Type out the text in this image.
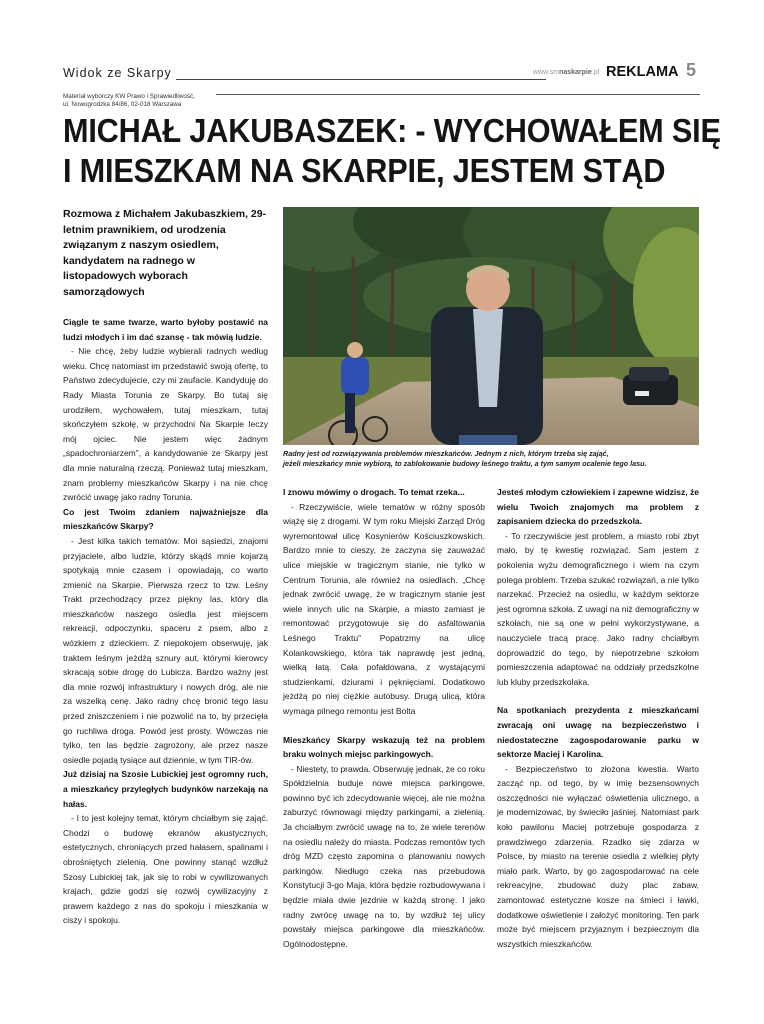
Widok ze Skarpy	www.smnaskarpie.pl REKLAMA 5
Materiał wyborczy KW Prawo i Sprawiedliwość,
ul. Nowogrodzka 84/86, 02-018 Warszawa
MICHAŁ JAKUBASZEK: - WYCHOWAŁEM SIĘ
I MIESZKAM NA SKARPIE, JESTEM STĄD
Rozmowa z Michałem Jakubaszkiem, 29-letnim prawnikiem, od urodzenia związanym z naszym osiedlem, kandydatem na radnego w listopadowych wyborach samorządowych
Radny jest od rozwiązywania problemów mieszkańców. Jednym z nich, którym trzeba się zająć,
jeżeli mieszkańcy mnie wybiorą, to zablokowanie budowy leśnego traktu, a tym samym ocalenie tego lasu.

Ciągle te same twarze, warto byłoby postawić na ludzi młodych i im dać szansę - tak mówią ludzie.

- Nie chcę, żeby ludzie wybierali radnych według wieku. Chcę natomiast im przedstawić swoją ofertę, to Państwo zdecydujecie, czy mi zaufacie. Kandyduję do Rady Miasta Torunia ze Skarpy. Bo tutaj się urodziłem, wychowałem, tutaj mieszkam, tutaj skończyłem szkołę, w przychodni Na Skarpie leczy mój ojciec. Nie jestem więc żadnym „spadochroniarzem”, a kandydowanie ze Skarpy jest dla mnie naturalną rzeczą. Ponieważ tutaj mieszkam, znam problemy mieszkańców Skarpy i na nie chcę zwrócić uwagę jako radny Torunia.

Co jest Twoim zdaniem najważniejsze dla mieszkańców Skarpy?

- Jest kilka takich tematów. Moi sąsiedzi, znajomi przyjaciele, albo ludzie, którzy skądś mnie kojarzą spotykają mnie czasem i opowiadają, co warto zmienić na Skarpie. Pierwsza rzecz to tzw. Leśny Trakt przechodzący przez piękny las, który dla mieszkańców naszego osiedla jest miejscem rekreacji, odpoczynku, spaceru z psem, albo z wózkiem z dzieckiem. Z niepokojem obserwuję, jak traktem leśnym jeżdżą sznury aut, którymi kierowcy skracają sobie drogę do Lubicza. Bardzo ważny jest dla mnie rozwój infrastruktury i nowych dróg, ale nie za wszelką cenę. Jako radny chcę bronić tego lasu przed zniszczeniem i nie pozwolić na to, by przecięła go ruchliwa droga. Powód jest prosty. Wówczas nie tylko, ten las będzie zagrożony, ale przez nasze osiedle pojadą tysiące aut dziennie, w tym TIR-ów.

Już dzisiaj na Szosie Lubickiej jest ogromny ruch, a mieszkańcy przyległych budynków narzekają na hałas.

- I to jest kolejny temat, którym chciałbym się zająć. Chodzi o budowę ekranów akustycznych, estetycznych, chroniących przed hałasem, spalinami i obrośniętych zielenią. One powinny stanąć wzdłuż Szosy Lubickiej tak, jak się to robi w cywilizowanych krajach, gdzie godzi się rozwój cywilizacyjny z prawem każdego z nas do spokoju i mieszkania w ciszy i spokoju.

I znowu mówimy o drogach. To temat rzeka...

- Rzeczywiście, wiele tematów w różny sposób wiążę się z drogami. W tym roku Miejski Zarząd Dróg wyremontował ulicę Kosynierów Kościuszkowskich. Bardzo mnie to cieszy, że zaczyna się zauważać ulice miejskie w tragicznym stanie, nie tylko w Centrum Torunia, ale również na osiedlach. „Chcę jednak zwrócić uwagę, że w tragicznym stanie jest wiele innych ulic na Skarpie, a miasto zamiast je remontować przygotowuje się do asfaltowania Leśnego Traktu” Popatrzmy na ulicę Kolankowskiego, która tak naprawdę jest jedną, wielką łatą. Cała pofałdowana, z wystającymi studzienkami, dziurami i pęknięciami. Dodatkowo jeżdżą po niej ciężkie autobusy. Drugą ulicą, która wymaga pilnego remontu jest Bolta

Mieszkańcy Skarpy wskazują też na problem braku wolnych miejsc parkingowych.

- Niestety, to prawda. Obserwuję jednak, że co roku Spółdzielnia buduje nowe miejsca parkingowe, powinno być ich zdecydowanie więcej, ale nie można zaburzyć równowagi między parkingami, a zielenią. Ja chciałbym zwrócić uwagę na to, że wiele terenów na osiedlu należy do miasta. Podczas remontów tych dróg MZD często zapomina o planowaniu nowych parkingów. Niedługo czeka nas przebudowa Konstytucji 3-go Maja, która będzie rozbudowywana i będzie miała dwie jezdnie w każdą stronę. I jako radny zwrócę uwagę na to, by wzdłuż tej ulicy powstały miejsca parkingowe dla mieszkańców. Ogólnodostępne.

Jesteś młodym człowiekiem i zapewne widzisz, że wielu Twoich znajomych ma problem z zapisaniem dziecka do przedszkola.

- To rzeczywiście jest problem, a miasto robi zbyt mało, by tę kwestię rozwiązać. Sam jestem z pokolenia wyżu demograficznego i wiem na czym polega problem. Trzeba szukać rozwiązań, a nie tylko narzekać. Przecież na osiedlu, w każdym sektorze jest ogromna szkoła. Z uwagi na niż demograficzny w szkołach, nie są one w pełni wykorzystywane, a nauczyciele tracą pracę. Jako radny chciałbym doprowadzić do tego, by niepotrzebne szkołom pomieszczenia adaptować na oddziały przedszkolne lub kluby przedszkolaka.

Na spotkaniach prezydenta z mieszkańcami zwracają oni uwagę na bezpieczeństwo i niedostateczne zagospodarowanie parku w sektorze Maciej i Karolina.

- Bezpieczeństwo to złożona kwestia. Warto zacząć np. od tego, by w imię bezsensownych oszczędności nie wyłączać oświetlenia ulicznego, a je modernizować, by świeciło jaśniej. Natomiast park koło pawilonu Maciej potrzebuje gospodarza z prawdziwego zdarzenia. Rzadko się zdarza w Polsce, by miasto na terenie osiedla z wielkiej płyty miało park. Warto, by go zagospodarować na cele rekreacyjne, zbudować duży plac zabaw, zamontować estetyczne kosze na śmieci i ławki, dodatkowe oświetlenie i założyć monitoring. Ten park może być miejscem przyjaznym i bezpiecznym dla wszystkich mieszkańców.
